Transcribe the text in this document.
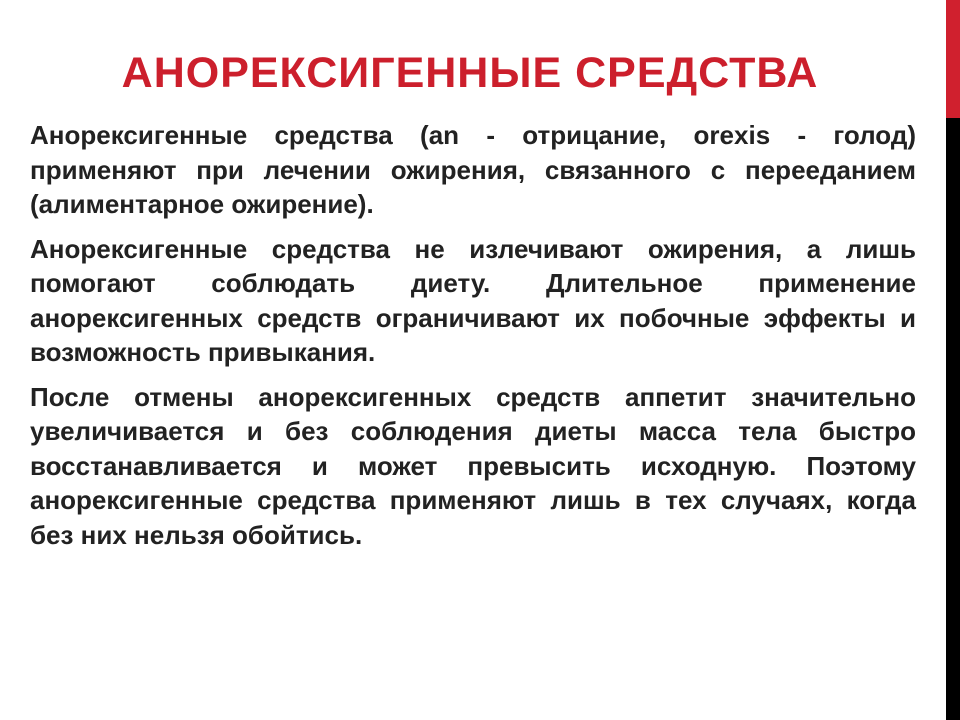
АНОРЕКСИГЕННЫЕ СРЕДСТВА

Анорексигенные средства (an - отрицание, orexis - голод) применяют при лечении ожирения, связанного с перееданием (алиментарное ожирение).

Анорексигенные средства не излечивают ожирения, а лишь помогают соблюдать диету. Длительное применение анорексигенных средств ограничивают их побочные эффекты и возможность привыкания.

После отмены анорексигенных средств аппетит значительно увеличивается и без соблюдения диеты масса тела быстро восстанавливается и может превысить исходную. Поэтому анорексигенные средства применяют лишь в тех случаях, когда без них нельзя обойтись.
